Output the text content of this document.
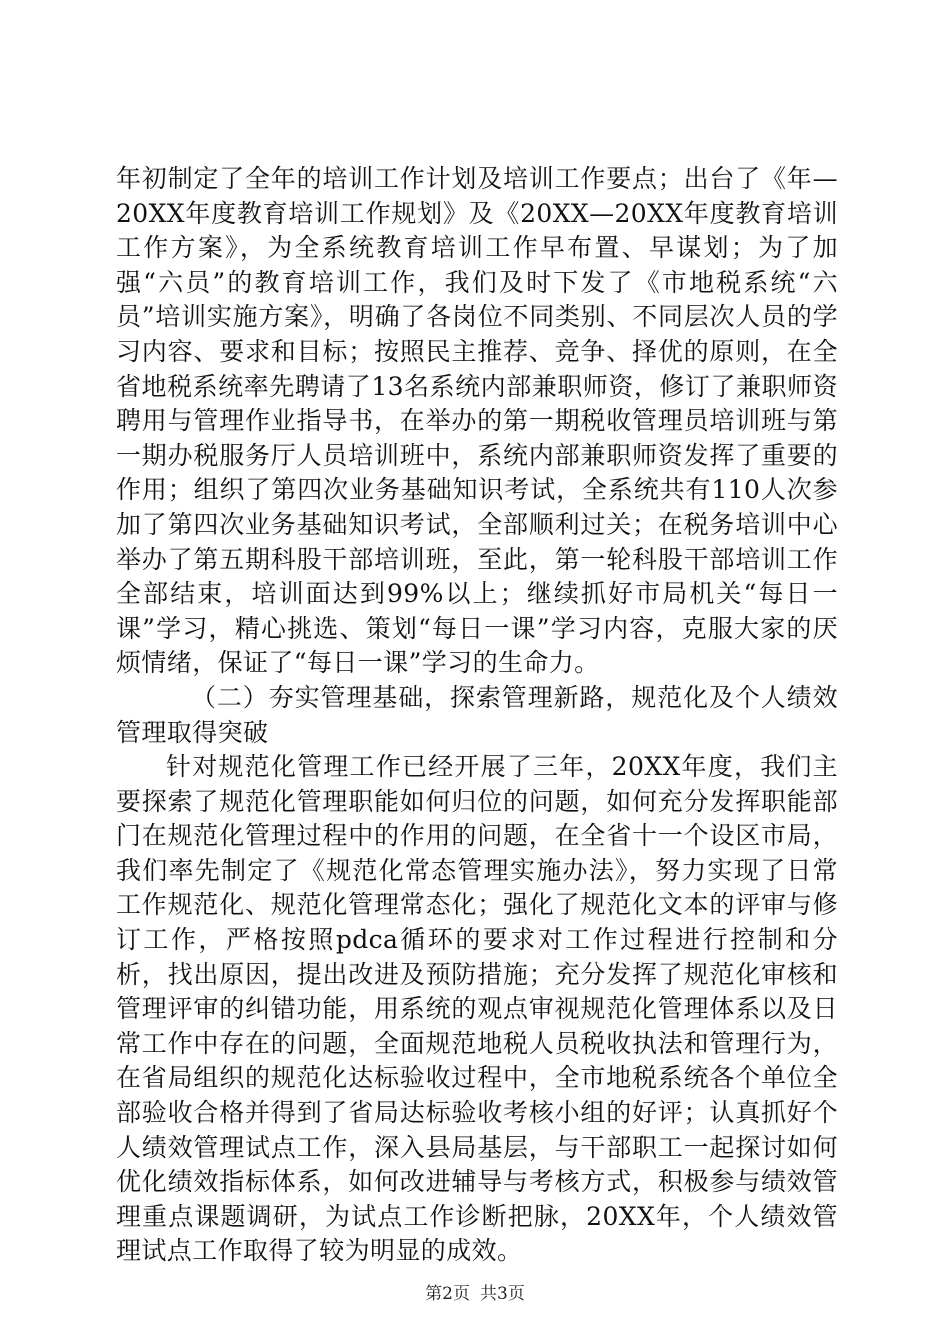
年初制定了全年的培训工作计划及培训工作要点；出台了《年—20XX年度教育培训工作规划》及《20XX—20XX年度教育培训工作方案》，为全系统教育培训工作早布置、早谋划；为了加强“六员”的教育培训工作，我们及时下发了《市地税系统“六员”培训实施方案》，明确了各岗位不同类别、不同层次人员的学习内容、要求和目标；按照民主推荐、竞争、择优的原则，在全省地税系统率先聘请了13名系统内部兼职师资，修订了兼职师资聘用与管理作业指导书，在举办的第一期税收管理员培训班与第一期办税服务厅人员培训班中，系统内部兼职师资发挥了重要的作用；组织了第四次业务基础知识考试，全系统共有110人次参加了第四次业务基础知识考试，全部顺利过关；在税务培训中心举办了第五期科股干部培训班，至此，第一轮科股干部培训工作全部结束，培训面达到99%以上；继续抓好市局机关“每日一课”学习，精心挑选、策划“每日一课”学习内容，克服大家的厌烦情绪，保证了“每日一课”学习的生命力。

（二）夯实管理基础，探索管理新路，规范化及个人绩效管理取得突破

针对规范化管理工作已经开展了三年，20XX年度，我们主要探索了规范化管理职能如何归位的问题，如何充分发挥职能部门在规范化管理过程中的作用的问题，在全省十一个设区市局，我们率先制定了《规范化常态管理实施办法》，努力实现了日常工作规范化、规范化管理常态化；强化了规范化文本的评审与修订工作，严格按照pdca循环的要求对工作过程进行控制和分析，找出原因，提出改进及预防措施；充分发挥了规范化审核和管理评审的纠错功能，用系统的观点审视规范化管理体系以及日常工作中存在的问题，全面规范地税人员税收执法和管理行为，在省局组织的规范化达标验收过程中，全市地税系统各个单位全部验收合格并得到了省局达标验收考核小组的好评；认真抓好个人绩效管理试点工作，深入县局基层，与干部职工一起探讨如何优化绩效指标体系，如何改进辅导与考核方式，积极参与绩效管理重点课题调研，为试点工作诊断把脉，20XX年，个人绩效管理试点工作取得了较为明显的成效。

第2页 共3页
